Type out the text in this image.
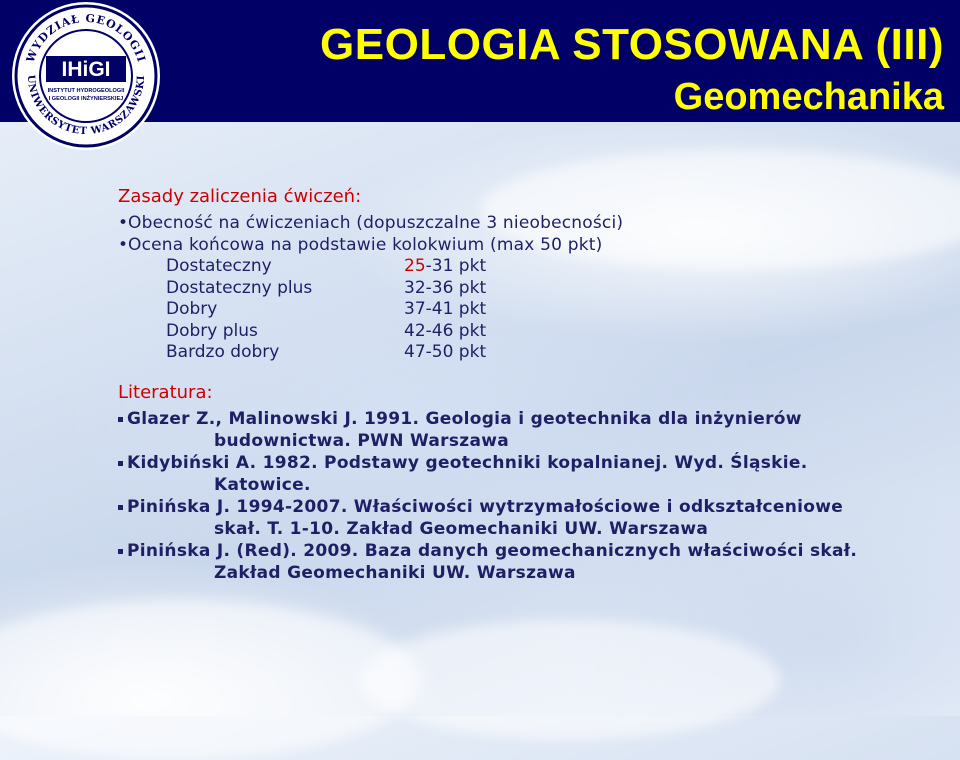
GEOLOGIA STOSOWANA (III)
Geomechanika
WYDZIAŁ GEOLOGII
UNIWERSYTET WARSZAWSKI
IHiGI
INSTYTUT HYDROGEOLOGII
I GEOLOGII INŻYNIERSKIEJ
Zasady zaliczenia ćwiczeń:
• Obecność na ćwiczeniach (dopuszczalne 3 nieobecności)
• Ocena końcowa na podstawie kolokwium (max 50 pkt)
Dostateczny	25-31 pkt
Dostateczny plus	32-36 pkt
Dobry	37-41 pkt
Dobry plus	42-46 pkt
Bardzo dobry	47-50 pkt
Literatura:
Glazer Z., Malinowski J. 1991. Geologia i geotechnika dla inżynierów
budownictwa. PWN Warszawa
Kidybiński A. 1982. Podstawy geotechniki kopalnianej. Wyd. Śląskie.
Katowice.
Pinińska J. 1994-2007. Właściwości wytrzymałościowe i odkształceniowe
skał. T. 1-10. Zakład Geomechaniki UW. Warszawa
Pinińska J. (Red). 2009. Baza danych geomechanicznych właściwości skał.
Zakład Geomechaniki UW. Warszawa
